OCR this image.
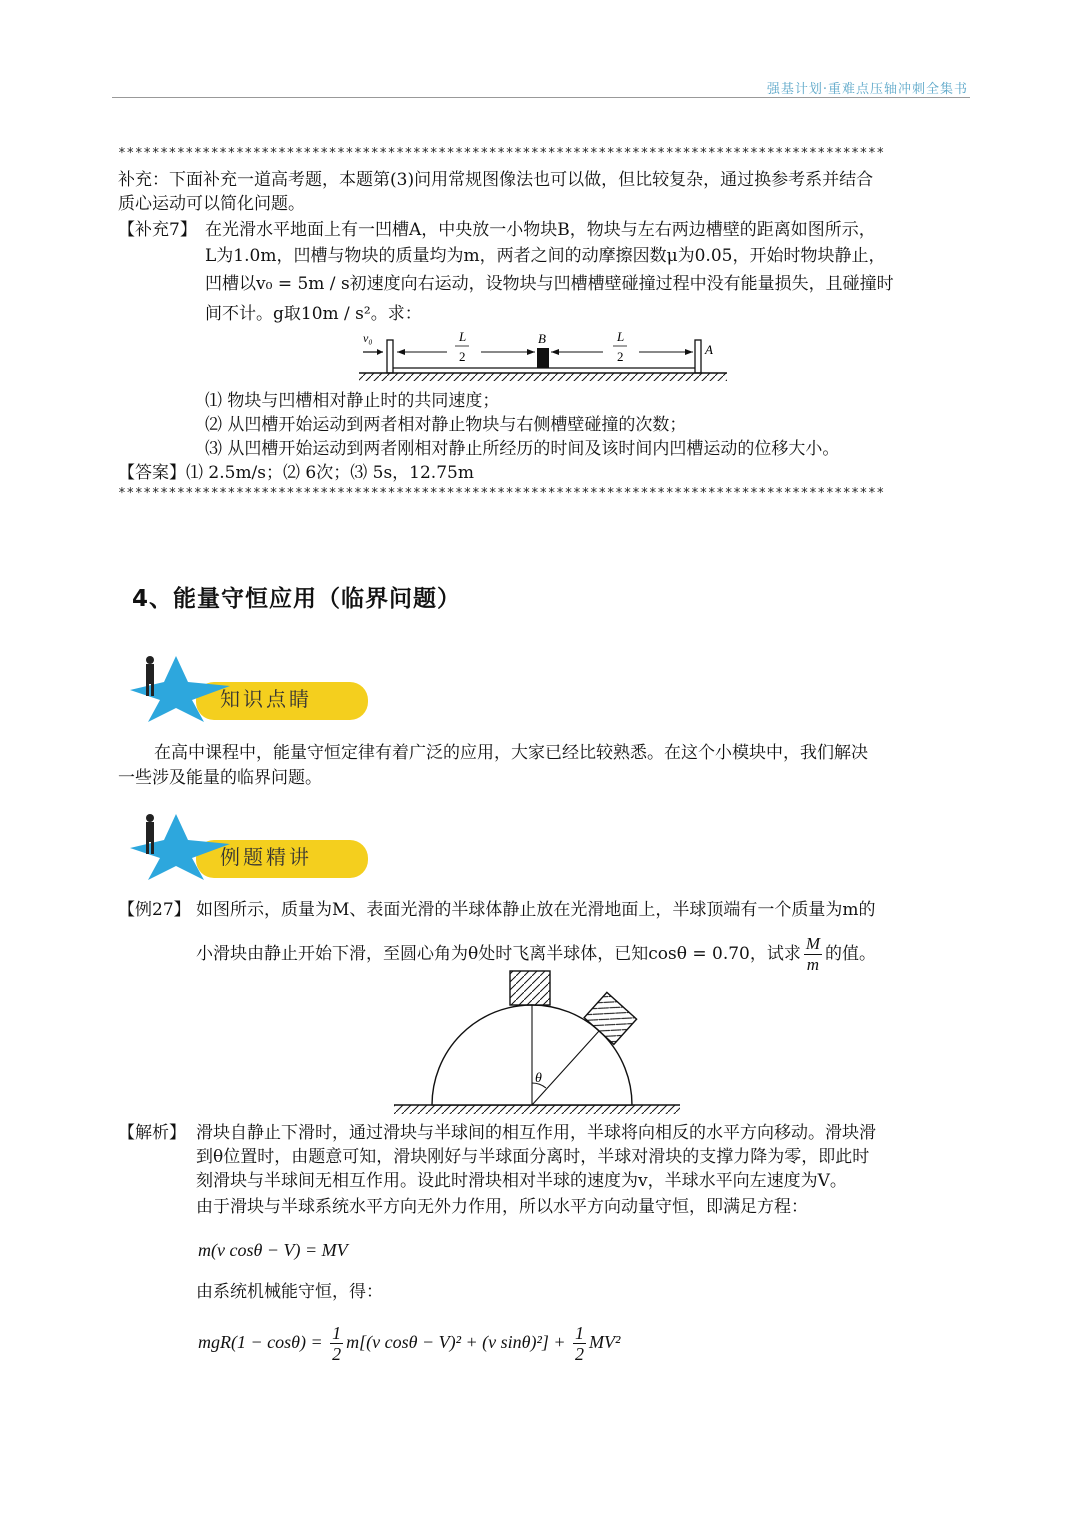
强基计划·重难点压轴冲刺全集书
*******************************************************************************************
补充：下面补充一道高考题，本题第(3)问用常规图像法也可以做，但比较复杂，通过换参考系并结合
质心运动可以简化问题。
【补充7】 在光滑水平地面上有一凹槽A，中央放一小物块B，物块与左右两边槽壁的距离如图所示，
L为1.0m，凹槽与物块的质量均为m，两者之间的动摩擦因数μ为0.05，开始时物块静止，
凹槽以v₀ = 5m / s初速度向右运动，设物块与凹槽槽壁碰撞过程中没有能量损失，且碰撞时
间不计。g取10m / s²。求：
v₀	L
2
B	L
2	A
⑴ 物块与凹槽相对静止时的共同速度；
⑵ 从凹槽开始运动到两者相对静止物块与右侧槽壁碰撞的次数；
⑶ 从凹槽开始运动到两者刚相对静止所经历的时间及该时间内凹槽运动的位移大小。
【答案】⑴ 2.5m/s；⑵ 6次；⑶ 5s，12.75m
*******************************************************************************************
4、能量守恒应用（临界问题）
知识点睛
在高中课程中，能量守恒定律有着广泛的应用，大家已经比较熟悉。在这个小模块中，我们解决
一些涉及能量的临界问题。
例题精讲
【例27】 如图所示，质量为M、表面光滑的半球体静止放在光滑地面上，半球顶端有一个质量为m的
小滑块由静止开始下滑，至圆心角为θ处时飞离半球体，已知cosθ = 0.70，试求 $\frac{M}{m}$ 的值。
θ
【解析】 滑块自静止下滑时，通过滑块与半球间的相互作用，半球将向相反的水平方向移动。滑块滑
到θ位置时，由题意可知，滑块刚好与半球面分离时，半球对滑块的支撑力降为零，即此时
刻滑块与半球间无相互作用。设此时滑块相对半球的速度为v，半球水平向左速度为V。
由于滑块与半球系统水平方向无外力作用，所以水平方向动量守恒，即满足方程：
m(v cosθ − V) = MV
由系统机械能守恒，得：
$mgR(1 - \cos\theta) = \frac{1}{2} m[(v$ cosθ − V)² + (v $\sin\theta)^2] + \frac{1}{2} MV^2$
